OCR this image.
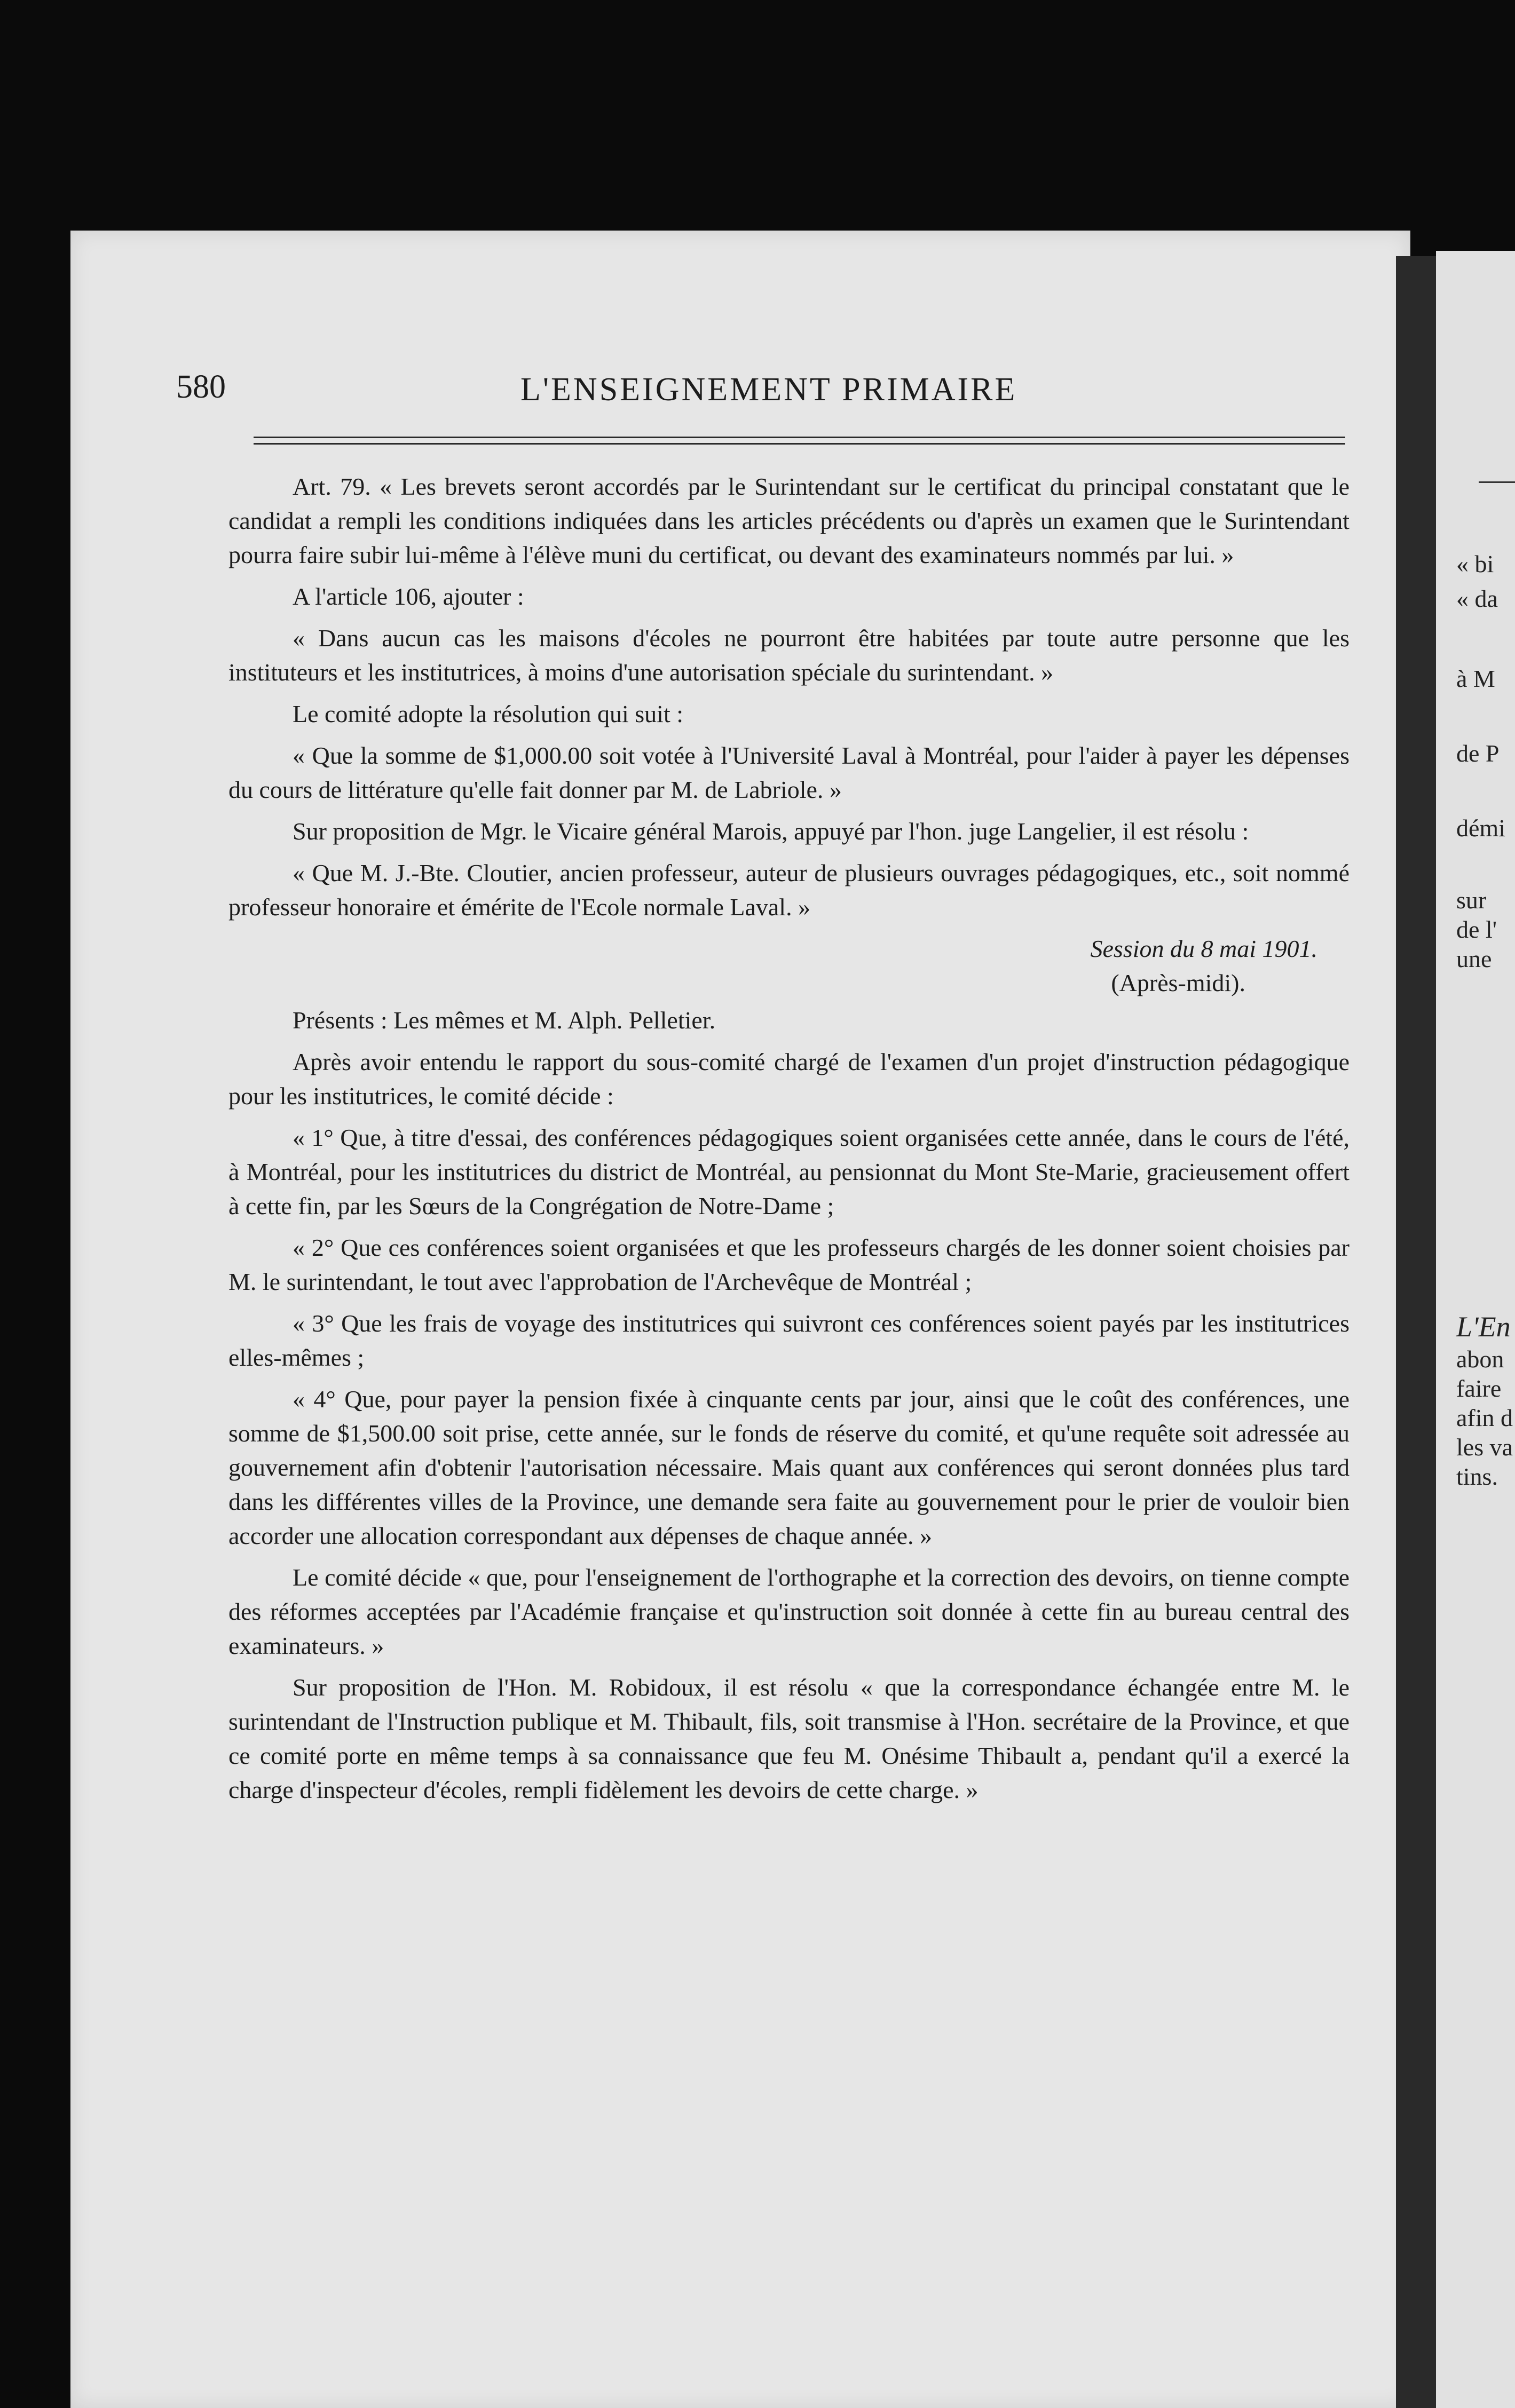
« bi
« da
à M
de P
démi
sur
de l'
une
L'En
abon
faire
afin d
les va
tins.
580	L'ENSEIGNEMENT PRIMAIRE

Art. 79. « Les brevets seront accordés par le Surintendant sur le certificat du principal constatant que le candidat a rempli les conditions indiquées dans les articles précédents ou d'après un examen que le Surintendant pourra faire subir lui-même à l'élève muni du certificat, ou devant des examinateurs nommés par lui. »

A l'article 106, ajouter :

« Dans aucun cas les maisons d'écoles ne pourront être habitées par toute autre personne que les instituteurs et les institutrices, à moins d'une autorisation spéciale du surintendant. »

Le comité adopte la résolution qui suit :

« Que la somme de $1,000.00 soit votée à l'Université Laval à Montréal, pour l'aider à payer les dépenses du cours de littérature qu'elle fait donner par M. de Labriole. »

Sur proposition de Mgr. le Vicaire général Marois, appuyé par l'hon. juge Langelier, il est résolu :

« Que M. J.-Bte. Cloutier, ancien professeur, auteur de plusieurs ouvrages pédagogiques, etc., soit nommé professeur honoraire et émérite de l'Ecole normale Laval. »

Session du 8 mai 1901.
(Après-midi).

Présents : Les mêmes et M. Alph. Pelletier.

Après avoir entendu le rapport du sous-comité chargé de l'examen d'un projet d'instruction pédagogique pour les institutrices, le comité décide :

« 1° Que, à titre d'essai, des conférences pédagogiques soient organisées cette année, dans le cours de l'été, à Montréal, pour les institutrices du district de Montréal, au pensionnat du Mont Ste-Marie, gracieusement offert à cette fin, par les Sœurs de la Congrégation de Notre-Dame ;

« 2° Que ces conférences soient organisées et que les professeurs chargés de les donner soient choisies par M. le surintendant, le tout avec l'approbation de l'Archevêque de Montréal ;

« 3° Que les frais de voyage des institutrices qui suivront ces conférences soient payés par les institutrices elles-mêmes ;

« 4° Que, pour payer la pension fixée à cinquante cents par jour, ainsi que le coût des conférences, une somme de $1,500.00 soit prise, cette année, sur le fonds de réserve du comité, et qu'une requête soit adressée au gouvernement afin d'obtenir l'autorisation nécessaire. Mais quant aux conférences qui seront données plus tard dans les différentes villes de la Province, une demande sera faite au gouvernement pour le prier de vouloir bien accorder une allocation correspondant aux dépenses de chaque année. »

Le comité décide « que, pour l'enseignement de l'orthographe et la correction des devoirs, on tienne compte des réformes acceptées par l'Académie française et qu'instruction soit donnée à cette fin au bureau central des examinateurs. »

Sur proposition de l'Hon. M. Robidoux, il est résolu « que la correspondance échangée entre M. le surintendant de l'Instruction publique et M. Thibault, fils, soit transmise à l'Hon. secrétaire de la Province, et que ce comité porte en même temps à sa connaissance que feu M. Onésime Thibault a, pendant qu'il a exercé la charge d'inspecteur d'écoles, rempli fidèlement les devoirs de cette charge. »
